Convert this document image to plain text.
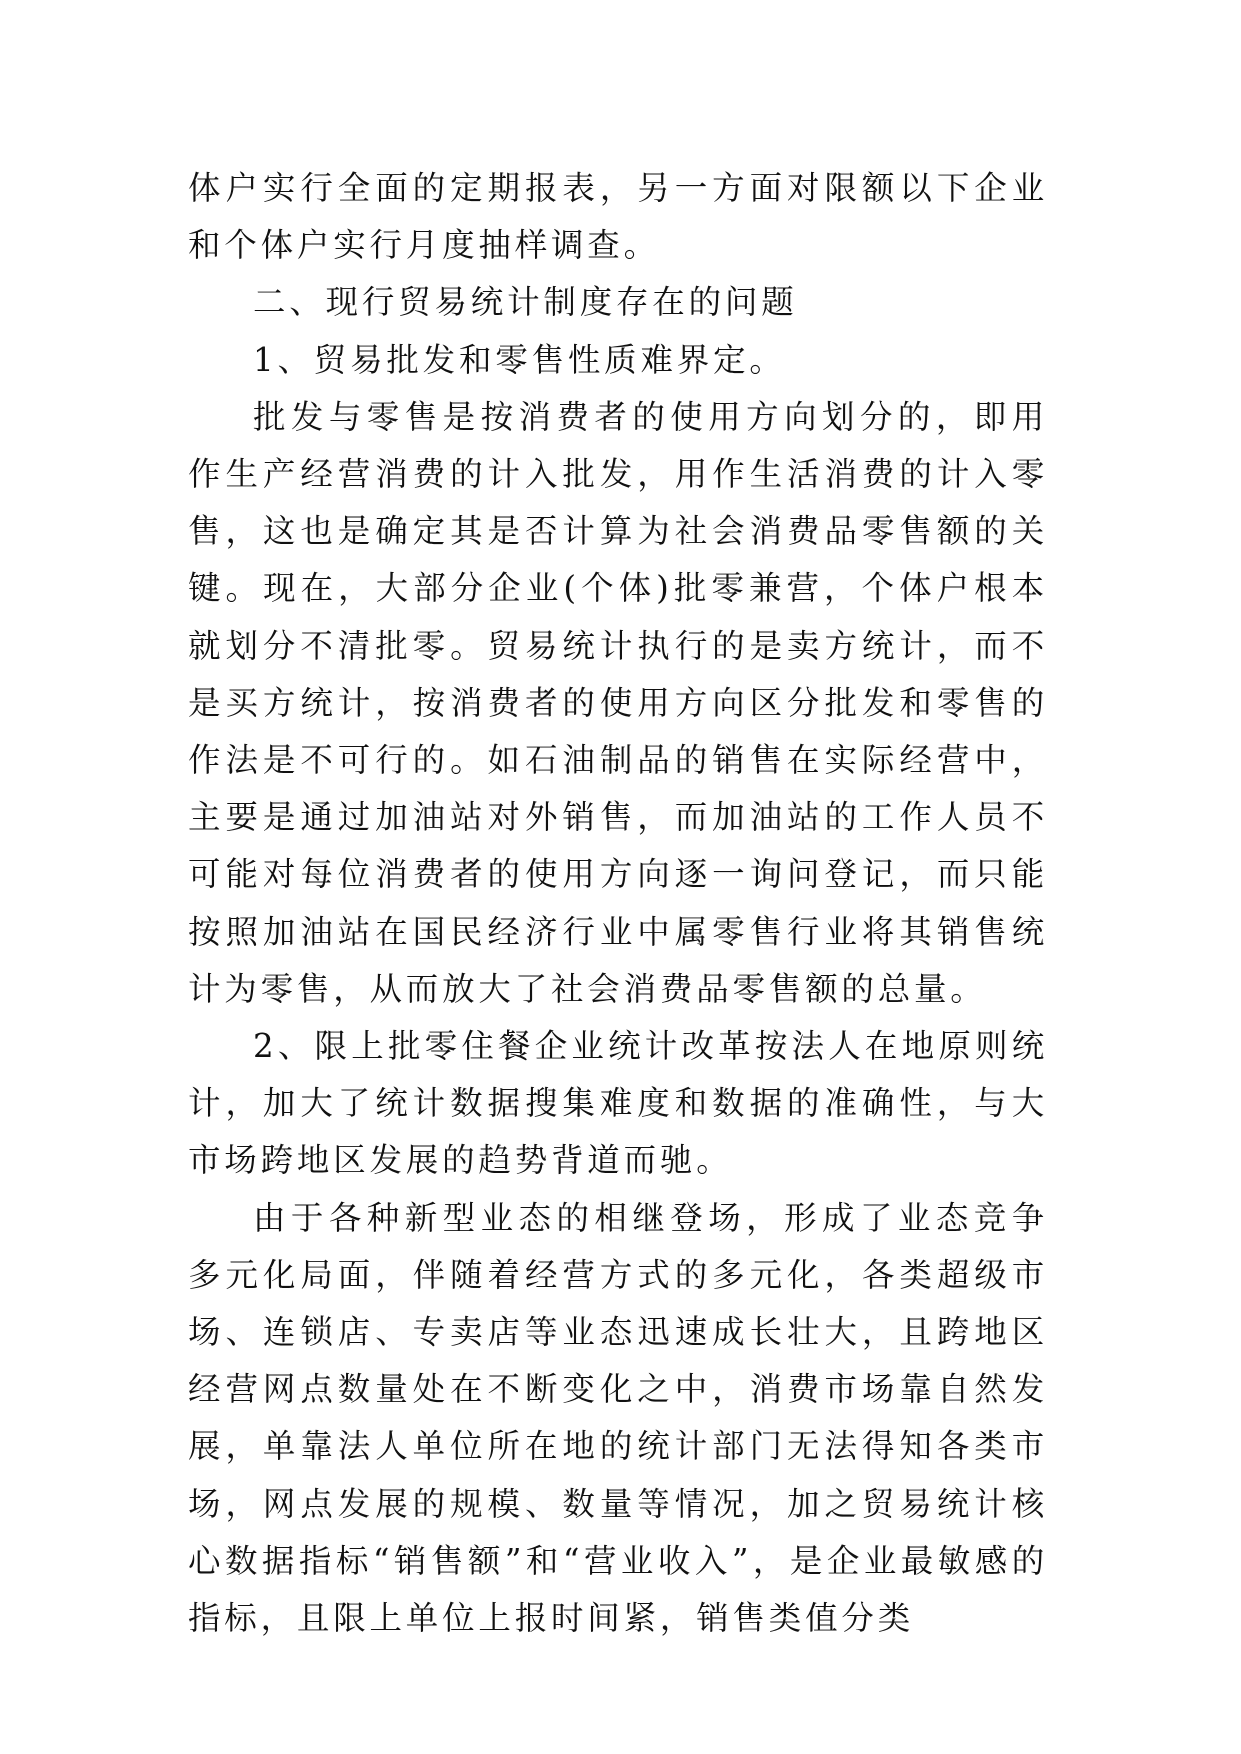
体户实行全面的定期报表，另一方面对限额以下企业和个体户实行月度抽样调查。

二、现行贸易统计制度存在的问题

1、贸易批发和零售性质难界定。

批发与零售是按消费者的使用方向划分的，即用作生产经营消费的计入批发，用作生活消费的计入零售，这也是确定其是否计算为社会消费品零售额的关键。现在，大部分企业(个体)批零兼营，个体户根本就划分不清批零。贸易统计执行的是卖方统计，而不是买方统计，按消费者的使用方向区分批发和零售的作法是不可行的。如石油制品的销售在实际经营中，主要是通过加油站对外销售，而加油站的工作人员不可能对每位消费者的使用方向逐一询问登记，而只能按照加油站在国民经济行业中属零售行业将其销售统计为零售，从而放大了社会消费品零售额的总量。

2、限上批零住餐企业统计改革按法人在地原则统计，加大了统计数据搜集难度和数据的准确性，与大市场跨地区发展的趋势背道而驰。

由于各种新型业态的相继登场，形成了业态竞争多元化局面，伴随着经营方式的多元化，各类超级市场、连锁店、专卖店等业态迅速成长壮大，且跨地区经营网点数量处在不断变化之中，消费市场靠自然发展，单靠法人单位所在地的统计部门无法得知各类市场，网点发展的规模、数量等情况，加之贸易统计核心数据指标“销售额”和“营业收入”，是企业最敏感的指标，且限上单位上报时间紧，销售类值分类
